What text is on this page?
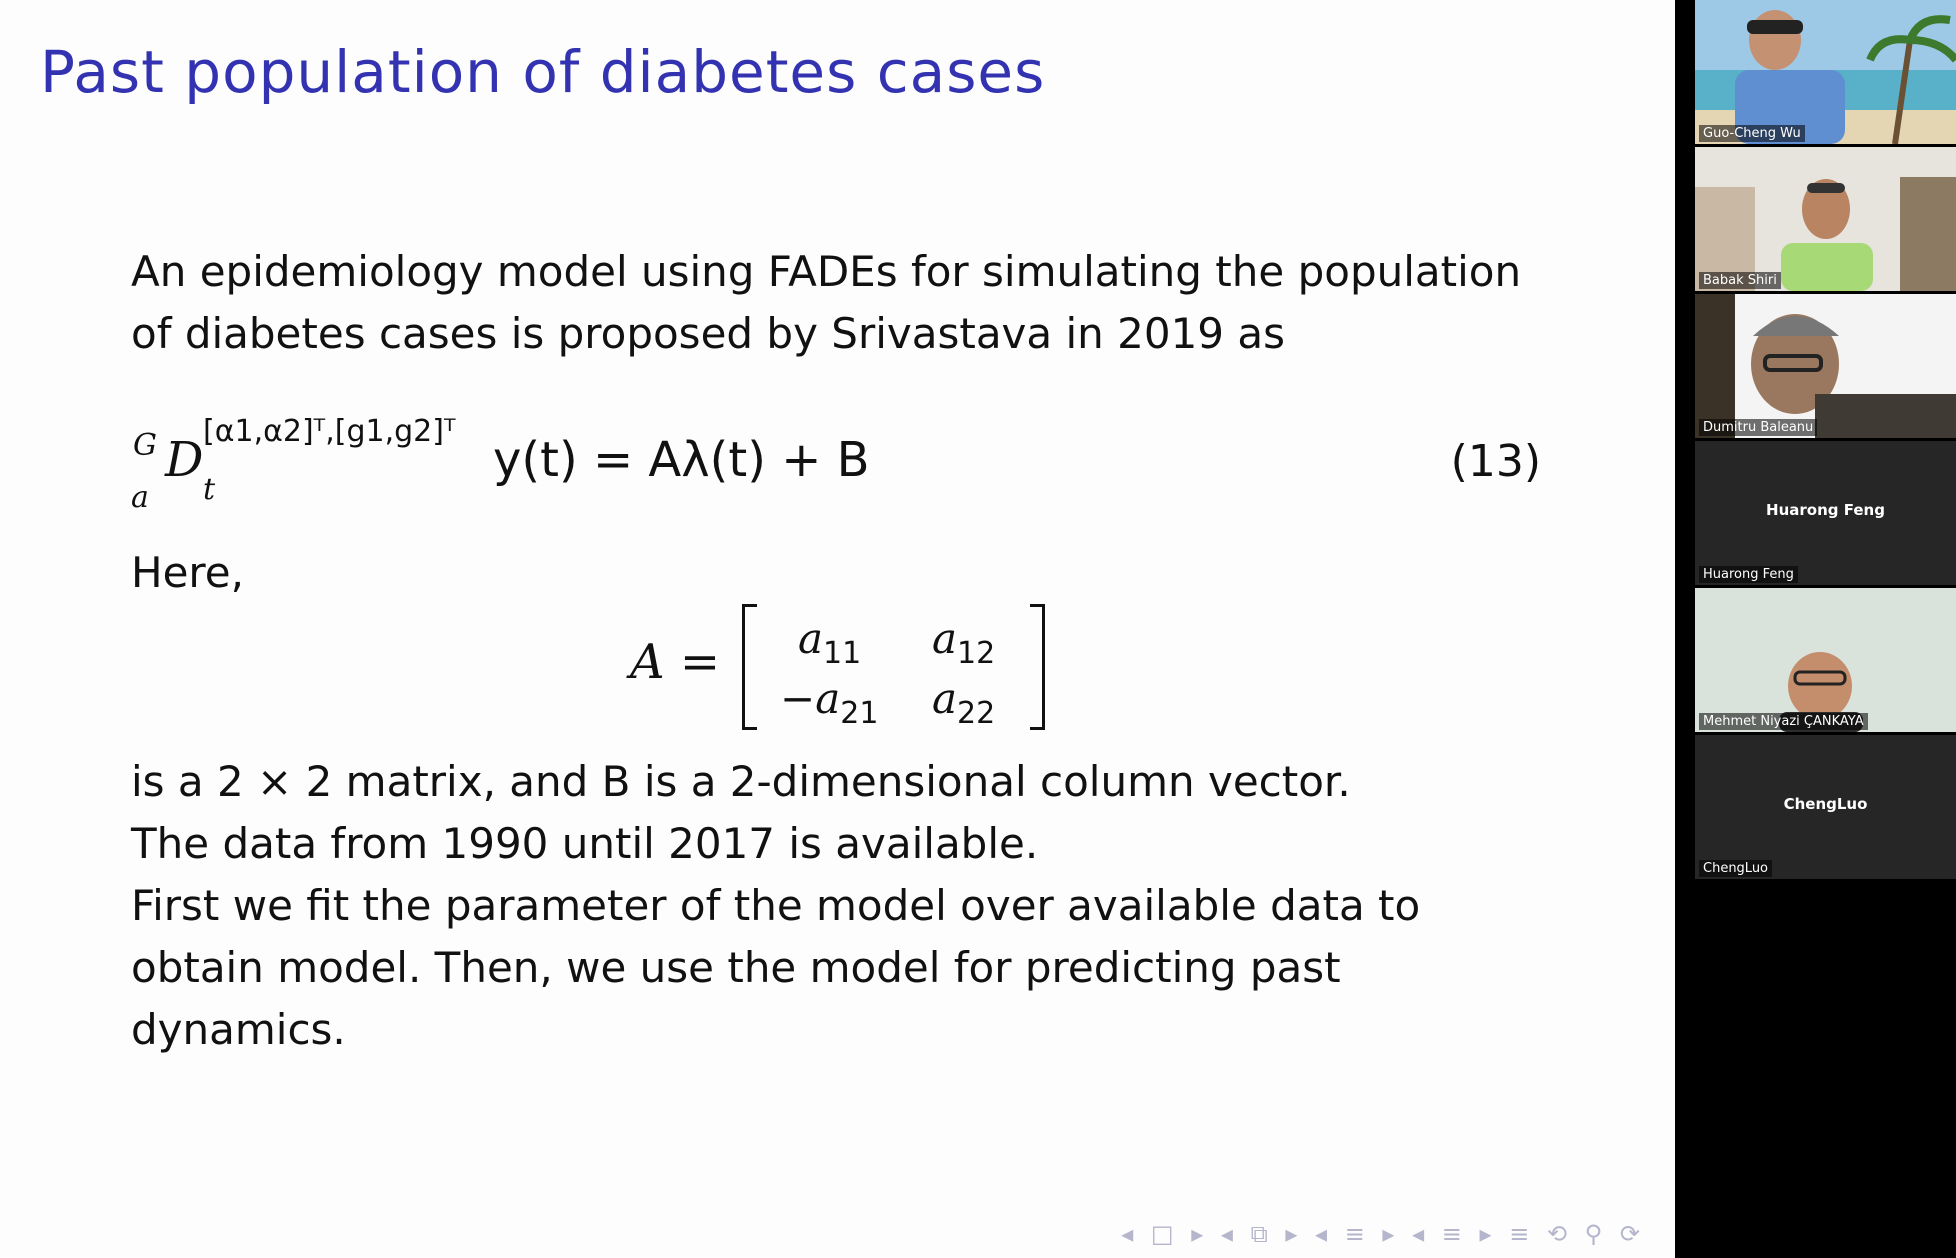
Past population of diabetes cases

An epidemiology model using FADEs for simulating the population

of diabetes cases is proposed by Srivastava in 2019 as

G
a
D
[α1,α2]ᵀ,[g1,g2]ᵀ
t
y(t) = Aλ(t) + B	(13)

Here,

$A = a_{11}$ $a_{12}$
$-a_{21}$ $a_{22}$

is a 2 × 2 matrix, and B is a 2-dimensional column vector.

The data from 1990 until 2017 is available.

First we fit the parameter of the model over available data to

obtain model. Then, we use the model for predicting past

dynamics.

◂ □ ▸ ◂ ⧉ ▸ ◂ ≡ ▸ ◂ ≡ ▸ ≡ ⟲ ⚲ ⟳
Guo-Cheng Wu
Babak Shiri
Dumitru Baleanu
Huarong Feng
Huarong Feng
Mehmet Niyazi ÇANKAYA
ChengLuo
ChengLuo
